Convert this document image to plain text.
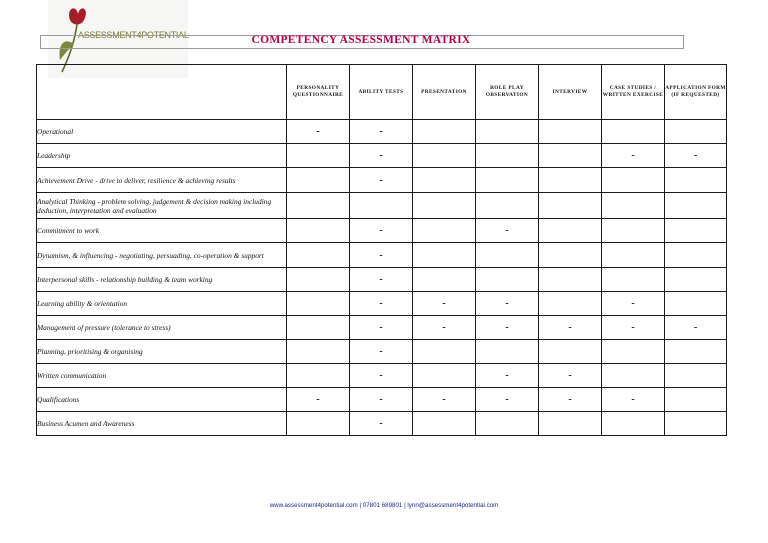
ASSESSMENT4POTENTIAL	COMPETENCY ASSESSMENT MATRIX
	PERSONALITY QUESTIONNAIRE	ABILITY TESTS	PRESENTATION	ROLE PLAY OBSERVATION	INTERVIEW	CASE STUDIES / WRITTEN EXERCISE	APPLICATION FORM (IF REQUESTED)
Operational	-	-					
Leadership		-				-	-
Achievement Drive - drive to deliver, resilience & achieving results		-					
Analytical Thinking - problem solving, judgement & decision making including deduction, interpretation and evaluation							
Commitment to work		-		-			
Dynamism, & influencing - negotiating, persuading, co-operation & support		-					
Interpersonal skills - relationship building & team working		-					
Learning ability & orientation		-	-	-		-	
Management of pressure (tolerance to stress)		-	-	-	-	-	-
Planning, prioritising & organising		-					
Written communication		-		-	-		
Qualifications	-	-	-	-	-	-	
Business Acumen and Awareness		-					
www.assessment4potential.com | 07801 689801 | lynn@assessment4potential.com
